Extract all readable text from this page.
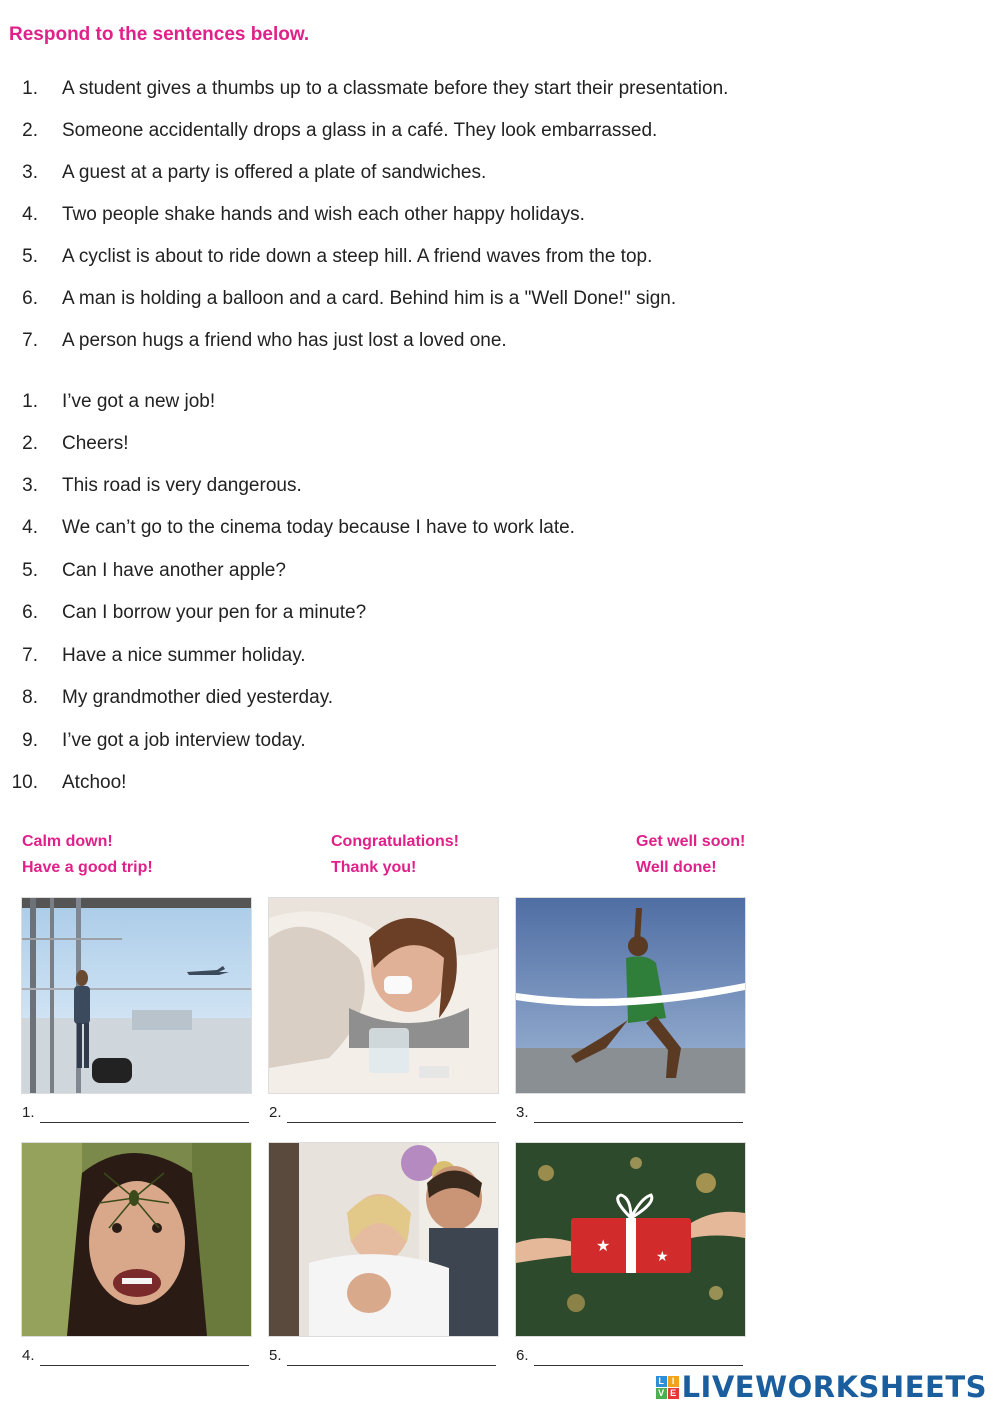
Respond to the sentences below.
1. A student gives a thumbs up to a classmate before they start their presentation.
2. Someone accidentally drops a glass in a café. They look embarrassed.
3. A guest at a party is offered a plate of sandwiches.
4. Two people shake hands and wish each other happy holidays.
5. A cyclist is about to ride down a steep hill. A friend waves from the top.
6. A man is holding a balloon and a card. Behind him is a "Well Done!" sign.
7. A person hugs a friend who has just lost a loved one.
1. I’ve got a new job!
2. Cheers!
3. This road is very dangerous.
4. We can’t go to the cinema today because I have to work late.
5. Can I have another apple?
6. Can I borrow your pen for a minute?
7. Have a nice summer holiday.
8. My grandmother died yesterday.
9. I’ve got a job interview today.
10. Atchoo!
Calm down!
Have a good trip!
Congratulations!
Thank you!
Get well soon!
Well done!
1.	2.	3.
★
★
4.	5.	6.
L I
V E LIVEWORKSHEETS
